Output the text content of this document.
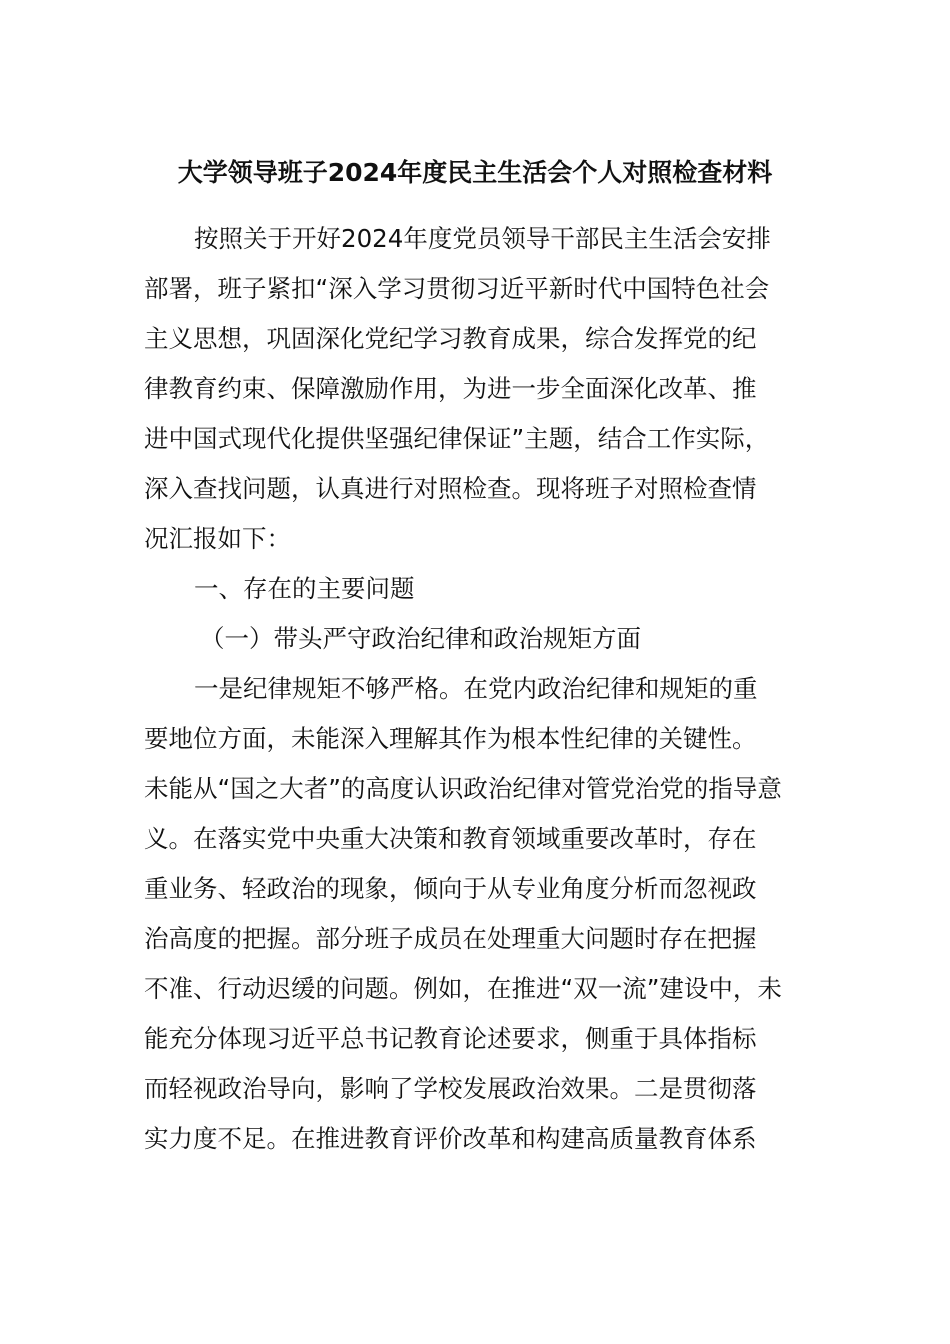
大学领导班子2024年度民主生活会个人对照检查材料
按照关于开好2024年度党员领导干部民主生活会安排
部署，班子紧扣“深入学习贯彻习近平新时代中国特色社会
主义思想，巩固深化党纪学习教育成果，综合发挥党的纪
律教育约束、保障激励作用，为进一步全面深化改革、推
进中国式现代化提供坚强纪律保证”主题，结合工作实际，
深入查找问题，认真进行对照检查。现将班子对照检查情
况汇报如下：
一、存在的主要问题
（一）带头严守政治纪律和政治规矩方面
一是纪律规矩不够严格。在党内政治纪律和规矩的重
要地位方面，未能深入理解其作为根本性纪律的关键性。
未能从“国之大者”的高度认识政治纪律对管党治党的指导意
义。在落实党中央重大决策和教育领域重要改革时，存在
重业务、轻政治的现象，倾向于从专业角度分析而忽视政
治高度的把握。部分班子成员在处理重大问题时存在把握
不准、行动迟缓的问题。例如，在推进“双一流”建设中，未
能充分体现习近平总书记教育论述要求，侧重于具体指标
而轻视政治导向，影响了学校发展政治效果。二是贯彻落
实力度不足。在推进教育评价改革和构建高质量教育体系
